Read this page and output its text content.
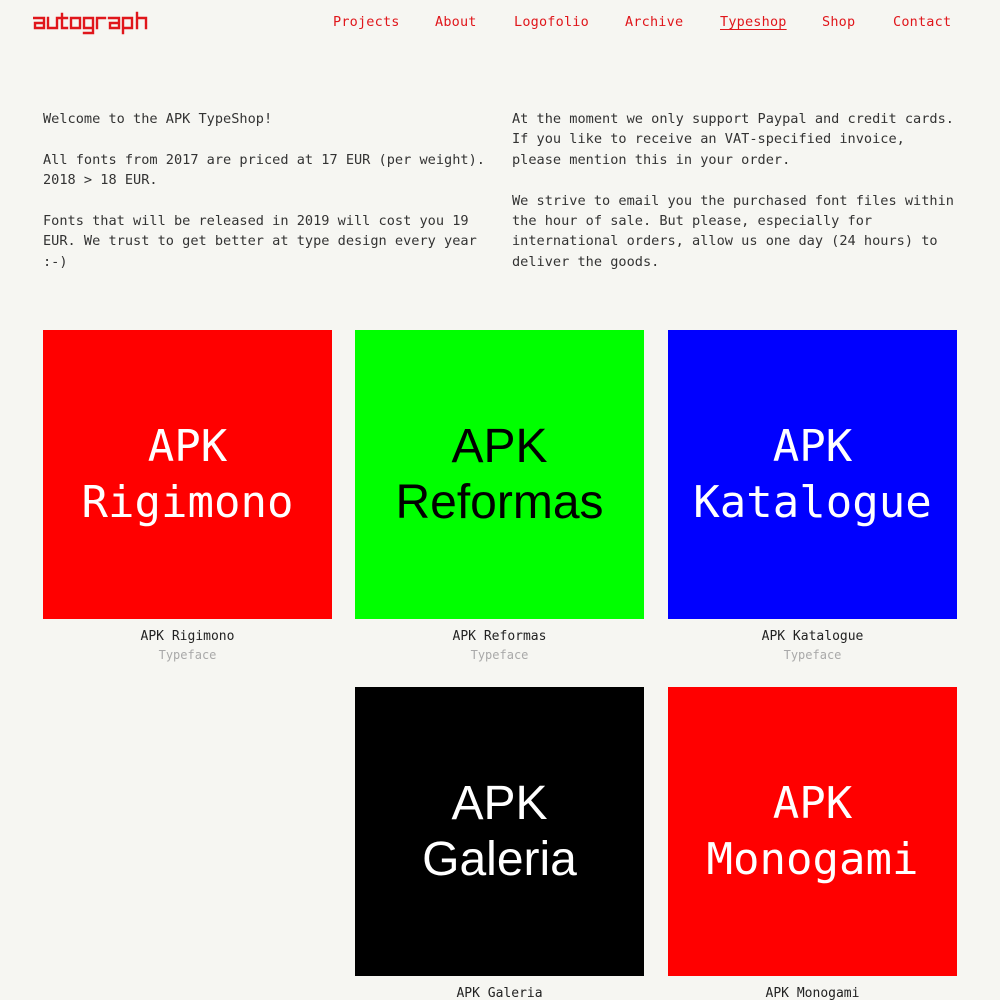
Projects	About	Logofolio	Archive	Typeshop	Shop	Contact

Welcome to the APK TypeShop!

All fonts from 2017 are priced at 17 EUR (per weight). 2018 > 18 EUR.

Fonts that will be released in 2019 will cost you 19 EUR. We trust to get better at type design every year :-)

At the moment we only support Paypal and credit cards. If you like to receive an VAT-specified invoice, please mention this in your order.

We strive to email you the purchased font files within the hour of sale. But please, especially for international orders, allow us one day (24 hours) to deliver the goods.

APK
Rigimono
APK Rigimono
Typeface
APK
Reformas
APK Reformas
Typeface
APK
Katalogue
APK Katalogue
Typeface
APK
Galeria
APK Galeria
APK
Monogami
APK Monogami
